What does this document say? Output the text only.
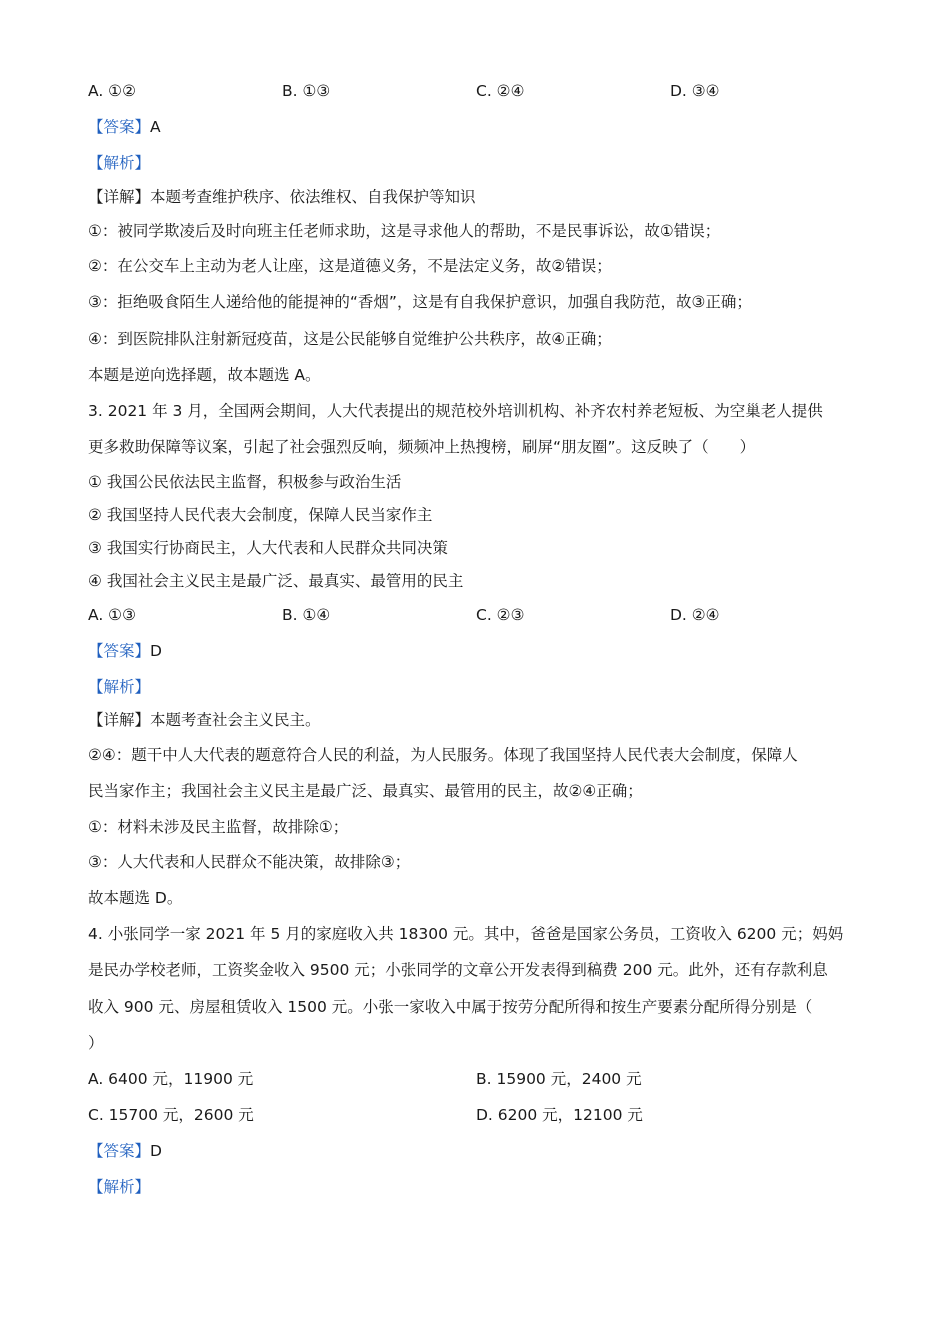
A. ①②	B. ①③	C. ②④	D. ③④
【答案】A
【解析】
【详解】本题考查维护秩序、依法维权、自我保护等知识
①：被同学欺凌后及时向班主任老师求助，这是寻求他人的帮助，不是民事诉讼，故①错误；
②：在公交车上主动为老人让座，这是道德义务，不是法定义务，故②错误；
③：拒绝吸食陌生人递给他的能提神的“香烟”，这是有自我保护意识，加强自我防范，故③正确；
④：到医院排队注射新冠疫苗，这是公民能够自觉维护公共秩序，故④正确；
本题是逆向选择题，故本题选 A。
3. 2021 年 3 月，全国两会期间，人大代表提出的规范校外培训机构、补齐农村养老短板、为空巢老人提供
更多救助保障等议案，引起了社会强烈反响，频频冲上热搜榜，刷屏“朋友圈”。这反映了（　　）
① 我国公民依法民主监督，积极参与政治生活
② 我国坚持人民代表大会制度，保障人民当家作主
③ 我国实行协商民主，人大代表和人民群众共同决策
④ 我国社会主义民主是最广泛、最真实、最管用的民主
A. ①③	B. ①④	C. ②③	D. ②④
【答案】D
【解析】
【详解】本题考查社会主义民主。
②④：题干中人大代表的题意符合人民的利益，为人民服务。体现了我国坚持人民代表大会制度，保障人
民当家作主；我国社会主义民主是最广泛、最真实、最管用的民主，故②④正确；
①：材料未涉及民主监督，故排除①；
③：人大代表和人民群众不能决策，故排除③；
故本题选 D。
4. 小张同学一家 2021 年 5 月的家庭收入共 18300 元。其中，爸爸是国家公务员，工资收入 6200 元；妈妈
是民办学校老师，工资奖金收入 9500 元；小张同学的文章公开发表得到稿费 200 元。此外，还有存款利息
收入 900 元、房屋租赁收入 1500 元。小张一家收入中属于按劳分配所得和按生产要素分配所得分别是（
）
A. 6400 元，11900 元	B. 15900 元，2400 元
C. 15700 元，2600 元	D. 6200 元，12100 元
【答案】D
【解析】
